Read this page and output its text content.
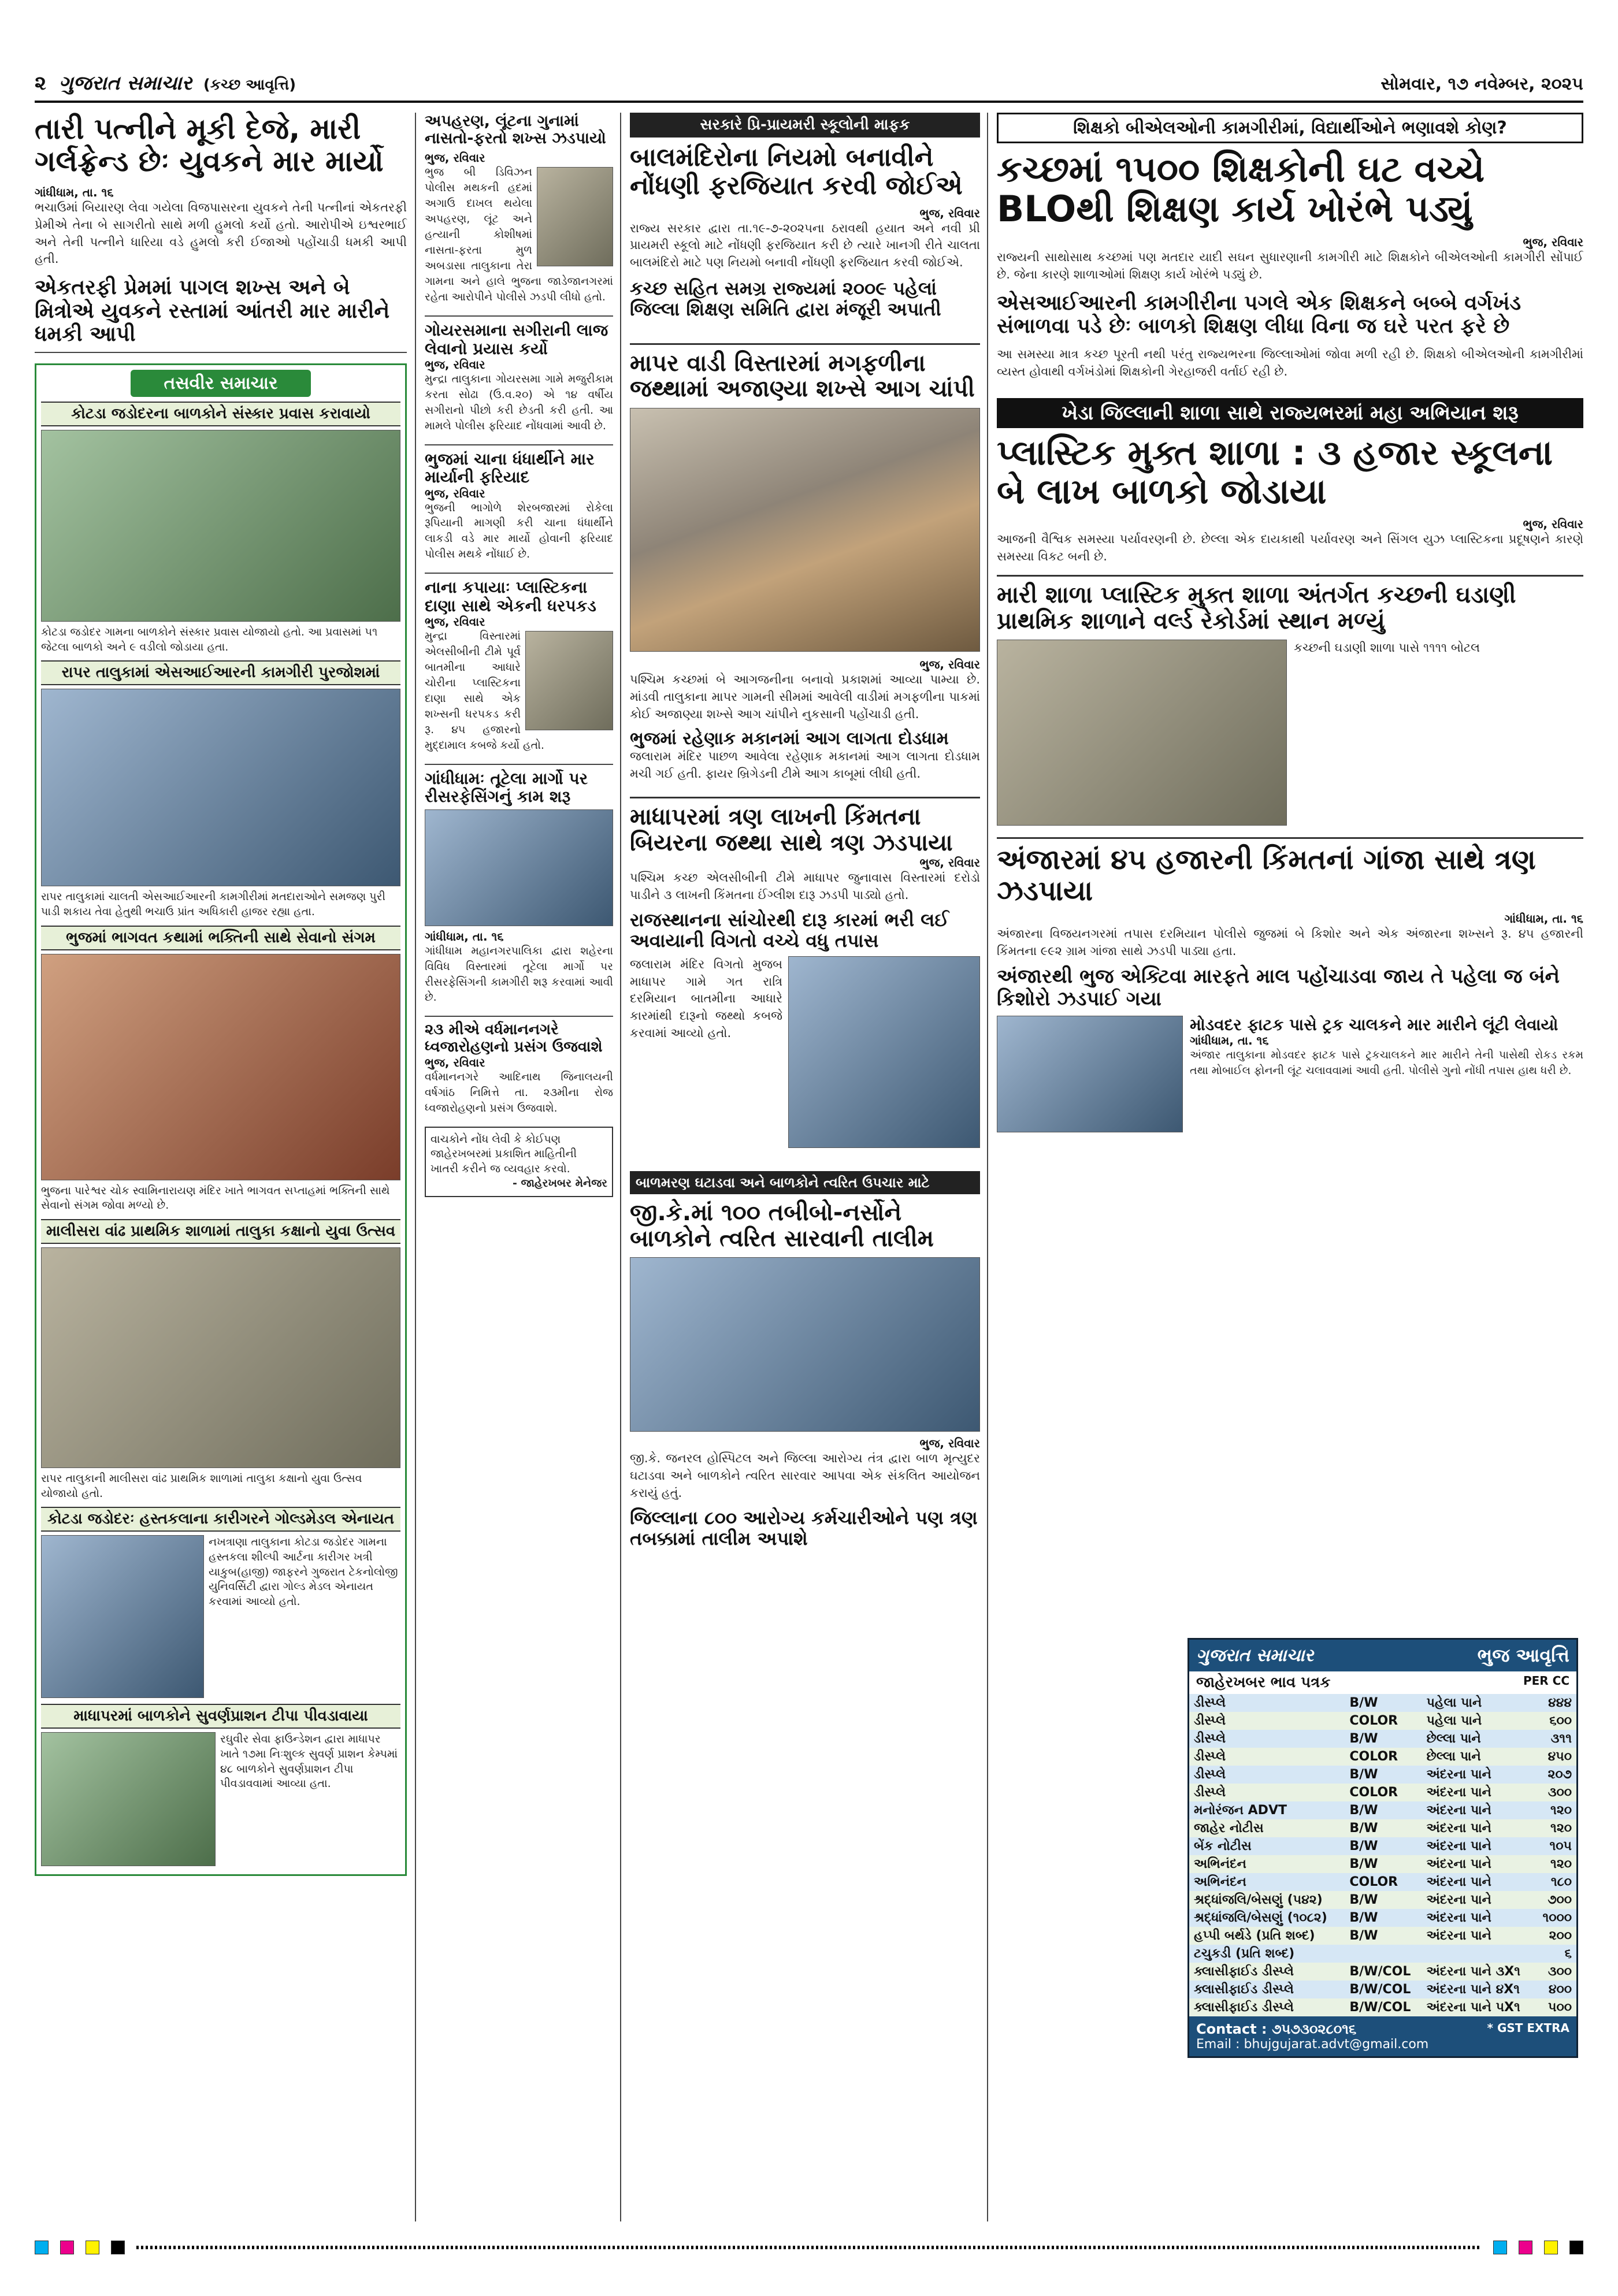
૨ ગુજરાત સમાચાર (કચ્છ આવૃત્તિ)	સોમવાર, ૧૭ નવેમ્બર, ૨૦૨૫
તારી પત્નીને મૂકી દેજે, મારી ગર્લફ્રેન્ડ છેઃ યુવકને માર માર્યો
ગાંધીધામ, તા. ૧૬
ભચાઉમાં બિયારણ લેવા ગયેલા વિજપાસરના યુવકને તેની પત્નીનાં એકતરફી પ્રેમીએ તેના બે સાગરીતો સાથે મળી હુમલો કર્યો હતો. આરોપીએ ઇશ્વરભાઈ અને તેની પત્નીને ધારિયા વડે હુમલો કરી ઈજાઓ પહોંચાડી ધમકી આપી હતી.
એકતરફી પ્રેમમાં પાગલ શખ્સ અને બે મિત્રોએ યુવકને રસ્તામાં આંતરી માર મારીને ધમકી આપી
તસવીર સમાચાર
કોટડા જડોદરના બાળકોને સંસ્કાર પ્રવાસ કરાવાયો
કોટડા જડોદર ગામના બાળકોને સંસ્કાર પ્રવાસ યોજાયો હતો. આ પ્રવાસમાં ૫૧ જેટલા બાળકો અને ૯ વડીલો જોડાયા હતા.
રાપર તાલુકામાં એસઆઈઆરની કામગીરી પુરજોશમાં
રાપર તાલુકામાં ચાલતી એસઆઈઆરની કામગીરીમાં મતદારાઓને સમજણ પુરી પાડી શકાય તેવા હેતુથી ભચાઉ પ્રાંત અધિકારી હાજર રહ્યા હતા.
ભુજમાં ભાગવત કથામાં ભક્તિની સાથે સેવાનો સંગમ
ભુજના પારેશ્વર ચોક સ્વામિનારાયણ મંદિર ખાતે ભાગવત સપ્તાહમાં ભક્તિની સાથે સેવાનો સંગમ જોવા મળ્યો છે.
માલીસરા વાંઢ પ્રાથમિક શાળામાં તાલુકા કક્ષાનો યુવા ઉત્સવ
રાપર તાલુકાની માલીસરા વાંઢ પ્રાથમિક શાળામાં તાલુકા કક્ષાનો યુવા ઉત્સવ યોજાયો હતો.
કોટડા જડોદરઃ હસ્તકલાના કારીગરને ગોલ્ડમેડલ એનાયત
નખત્રાણા તાલુકાના કોટડા જડોદર ગામના હસ્તકલા શીલ્પી આર્ટના કારીગર ખત્રી યાકુબ(હાજી) જાફરને ગુજરાત ટેકનોલોજી યુનિવર્સિટી દ્વારા ગોલ્ડ મેડલ એનાયત કરવામાં આવ્યો હતો.
માધાપરમાં બાળકોને સુવર્ણપ્રાશન ટીપા પીવડાવાયા
રઘુવીર સેવા ફાઉન્ડેશન દ્વારા માધાપર ખાતે ૧૭મા નિઃશુલ્ક સુવર્ણ પ્રાશન કેમ્પમાં ૪૮ બાળકોને સુવર્ણપ્રાશન ટીપા પીવડાવવામાં આવ્યા હતા.
અપહરણ, લૂંટના ગુનામાં નાસતો-ફરતો શખ્સ ઝડપાયો
ભુજ, રવિવાર
ભુજ બી ડિવિઝન પોલીસ મથકની હદમાં અગાઉ દાખલ થયેલા અપહરણ, લૂંટ અને હત્યાની કોશીષમાં નાસતા-ફરતા મુળ અબડાસા તાલુકાના તેરા ગામના અને હાલે ભુજના જાડેજાનગરમાં રહેતા આરોપીને પોલીસે ઝડપી લીધો હતો.
ગોયરસમાના સગીરાની લાજ લેવાનો પ્રયાસ કર્યો
ભુજ, રવિવાર
મુન્દ્રા તાલુકાના ગોયરસમા ગામે મજુરીકામ કરતા સોઢા (ઉ.વ.૨૦) એ ૧૪ વર્ષીય સગીરાનો પીછો કરી છેડતી કરી હતી. આ મામલે પોલીસ ફરિયાદ નોંધવામાં આવી છે.
ભુજમાં ચાના ધંધાર્થીને માર માર્યાની ફરિયાદ
ભુજ, રવિવાર
ભુજની ભાગોળે શેરબજારમાં રોકેલા રૂપિયાની માગણી કરી ચાના ધંધાર્થીને લાકડી વડે માર માર્યો હોવાની ફરિયાદ પોલીસ મથકે નોંધાઈ છે.
નાના કપાયાઃ પ્લાસ્ટિકના દાણા સાથે એકની ધરપકડ
ભુજ, રવિવાર
મુન્દ્રા વિસ્તારમાં એલસીબીની ટીમે પૂર્વ બાતમીના આધારે ચોરીના પ્લાસ્ટિકના દાણા સાથે એક શખ્સની ધરપકડ કરી રૂ. ૪૫ હજારનો મુદ્દામાલ કબજે કર્યો હતો.
ગાંધીધામઃ તૂટેલા માર્ગો પર રીસરફેસિંગનું કામ શરૂ
ગાંધીધામ, તા. ૧૬
ગાંધીધામ મહાનગરપાલિકા દ્વારા શહેરના વિવિધ વિસ્તારમાં તૂટેલા માર્ગો પર રીસરફેસિંગની કામગીરી શરૂ કરવામાં આવી છે.
૨૩ મીએ વર્ધમાનનગરે ધ્વજારોહણનો પ્રસંગ ઉજવાશે
ભુજ, રવિવાર
વર્ધમાનનગરે આદિનાથ જિનાલયની વર્ષગાંઠ નિમિત્તે તા. ૨૩મીના રોજ ધ્વજારોહણનો પ્રસંગ ઉજવાશે.
વાચકોને નોંધ લેવી કે કોઈપણ જાહેરખબરમાં પ્રકાશિત માહિતીની ખાતરી કરીને જ વ્યવહાર કરવો.
- જાહેરખબર મેનેજર
સરકારે પ્રિ-પ્રાયમરી સ્કૂલોની માફક
બાલમંદિરોના નિયમો બનાવીને નોંધણી ફરજિયાત કરવી જોઈએ
ભુજ, રવિવાર
રાજ્ય સરકાર દ્વારા તા.૧૯-૭-૨૦૨૫ના ઠરાવથી હયાત અને નવી પ્રી પ્રાયમરી સ્કૂલો માટે નોંધણી ફરજિયાત કરી છે ત્યારે ખાનગી રીતે ચાલતા બાલમંદિરો માટે પણ નિયમો બનાવી નોંધણી ફરજિયાત કરવી જોઈએ.
કચ્છ સહિત સમગ્ર રાજ્યમાં ૨૦૦૯ પહેલાં જિલ્લા શિક્ષણ સમિતિ દ્વારા મંજૂરી અપાતી
માપર વાડી વિસ્તારમાં મગફળીના જથ્થામાં અજાણ્યા શખ્સે આગ ચાંપી
ભુજ, રવિવાર
પશ્ચિમ કચ્છમાં બે આગજનીના બનાવો પ્રકાશમાં આવ્યા પામ્યા છે. માંડવી તાલુકાના માપર ગામની સીમમાં આવેલી વાડીમાં મગફળીના પાકમાં કોઈ અજાણ્યા શખ્સે આગ ચાંપીને નુકસાની પહોંચાડી હતી.
ભુજમાં રહેણાક મકાનમાં આગ લાગતા દોડધામ
જલારામ મંદિર પાછળ આવેલા રહેણાક મકાનમાં આગ લાગતા દોડધામ મચી ગઈ હતી. ફાયર બ્રિગેડની ટીમે આગ કાબૂમાં લીધી હતી.
માધાપરમાં ત્રણ લાખની કિંમતના બિયરના જથ્થા સાથે ત્રણ ઝડપાયા
ભુજ, રવિવાર
પશ્ચિમ કચ્છ એલસીબીની ટીમે માધાપર જુનાવાસ વિસ્તારમાં દરોડો પાડીને ૩ લાખની કિંમતના ઈંગ્લીશ દારૂ ઝડપી પાડ્યો હતો.
રાજસ્થાનના સાંચોરથી દારૂ કારમાં ભરી લઈ અવાયાની વિગતો વચ્ચે વધુ તપાસ
જલારામ મંદિર વિગતો મુજબ માધાપર ગામે ગત રાત્રિ દરમિયાન બાતમીના આધારે કારમાંથી દારૂનો જથ્થો કબજે કરવામાં આવ્યો હતો.
બાળમરણ ઘટાડવા અને બાળકોને ત્વરિત ઉપચાર માટે
જી.કે.માં ૧૦૦ તબીબો-નર્સોને બાળકોને ત્વરિત સારવાની તાલીમ
ભુજ, રવિવાર
જી.કે. જનરલ હોસ્પિટલ અને જિલ્લા આરોગ્ય તંત્ર દ્વારા બાળ મૃત્યુદર ઘટાડવા અને બાળકોને ત્વરિત સારવાર આપવા એક સંકલિત આયોજન કરાયું હતું.
જિલ્લાના ૮૦૦ આરોગ્ય કર્મચારીઓને પણ ત્રણ તબક્કામાં તાલીમ અપાશે
શિક્ષકો બીએલઓની કામગીરીમાં, વિદ્યાર્થીઓને ભણાવશે કોણ?
કચ્છમાં ૧૫૦૦ શિક્ષકોની ઘટ વચ્ચે BLOથી શિક્ષણ કાર્ય ખોરંભે પડ્યું
ભુજ, રવિવાર
રાજ્યની સાથોસાથ કચ્છમાં પણ મતદાર યાદી સઘન સુધારણાની કામગીરી માટે શિક્ષકોને બીએલઓની કામગીરી સોંપાઈ છે. જેના કારણે શાળાઓમાં શિક્ષણ કાર્ય ખોરંભે પડ્યું છે.
એસઆઈઆરની કામગીરીના પગલે એક શિક્ષકને બબ્બે વર્ગખંડ સંભાળવા પડે છેઃ બાળકો શિક્ષણ લીધા વિના જ ઘરે પરત ફરે છે
આ સમસ્યા માત્ર કચ્છ પૂરતી નથી પરંતુ રાજ્યભરના જિલ્લાઓમાં જોવા મળી રહી છે. શિક્ષકો બીએલઓની કામગીરીમાં વ્યસ્ત હોવાથી વર્ગખંડોમાં શિક્ષકોની ગેરહાજરી વર્તાઈ રહી છે.
ખેડા જિલ્લાની શાળા સાથે રાજ્યભરમાં મહા અભિયાન શરૂ
પ્લાસ્ટિક મુક્ત શાળા : ૩ હજાર સ્કૂલના બે લાખ બાળકો જોડાયા
ભુજ, રવિવાર
આજની વૈશ્વિક સમસ્યા પર્યાવરણની છે. છેલ્લા એક દાયકાથી પર્યાવરણ અને સિંગલ યુઝ પ્લાસ્ટિકના પ્રદૂષણને કારણે સમસ્યા વિકટ બની છે.
મારી શાળા પ્લાસ્ટિક મુક્ત શાળા અંતર્ગત કચ્છની ઘડાણી પ્રાથમિક શાળાને વર્લ્ડ રેકોર્ડમાં સ્થાન મળ્યું
કચ્છની ઘડાણી શાળા પાસે ૧૧૧૧ બોટલ
અંજારમાં ૪૫ હજારની કિંમતનાં ગાંજા સાથે ત્રણ ઝડપાયા
ગાંધીધામ, તા. ૧૬
અંજારના વિજયનગરમાં તપાસ દરમિયાન પોલીસે જુજમાં બે કિશોર અને એક અંજારના શખ્સને રૂ. ૪૫ હજારની કિંમતના ૯૯૨ ગ્રામ ગાંજા સાથે ઝડપી પાડ્યા હતા.
અંજારથી ભુજ એક્ટિવા મારફતે માલ પહોંચાડવા જાય તે પહેલા જ બંને કિશોરો ઝડપાઈ ગયા
મોડવદર ફાટક પાસે ટ્રક ચાલકને માર મારીને લૂંટી લેવાયો
ગાંધીધામ, તા. ૧૬
અંજાર તાલુકાના મોડવદર ફાટક પાસે ટ્રકચાલકને માર મારીને તેની પાસેથી રોકડ રકમ તથા મોબાઈલ ફોનની લૂંટ ચલાવવામાં આવી હતી. પોલીસે ગુનો નોંધી તપાસ હાથ ધરી છે.
ગુજરાત સમાચાર	ભુજ આવૃત્તિ
જાહેરખબર ભાવ પત્રક	PER CC
ડીસ્પ્લે	B/W	પહેલા પાને	૪૪૪
ડીસ્પ્લે	COLOR	પહેલા પાને	૬૦૦
ડીસ્પ્લે	B/W	છેલ્લા પાને	૩૧૧
ડીસ્પ્લે	COLOR	છેલ્લા પાને	૪૫૦
ડીસ્પ્લે	B/W	અંદરના પાને	૨૦૭
ડીસ્પ્લે	COLOR	અંદરના પાને	૩૦૦
મનોરંજન ADVT	B/W	અંદરના પાને	૧૨૦
જાહેર નોટીસ	B/W	અંદરના પાને	૧૨૦
બેંક નોટીસ	B/W	અંદરના પાને	૧૦૫
અભિનંદન	B/W	અંદરના પાને	૧૨૦
અભિનંદન	COLOR	અંદરના પાને	૧૮૦
શ્રદ્ધાંજલિ/બેસણું (૫૪૨)	B/W	અંદરના પાને	૭૦૦
શ્રદ્ધાંજલિ/બેસણું (૧૦૮૨)	B/W	અંદરના પાને	૧૦૦૦
હપ્પી બર્થડે (પ્રતિ શબ્દ)	B/W	અંદરના પાને	૨૦૦
ટચુકડી (પ્રતિ શબ્દ)			૬
ક્લાસીફાઈડ ડીસ્પ્લે	B/W/COL	અંદરના પાને ૩X૧	૩૦૦
ક્લાસીફાઈડ ડીસ્પ્લે	B/W/COL	અંદરના પાને ૪X૧	૪૦૦
ક્લાસીફાઈડ ડીસ્પ્લે	B/W/COL	અંદરના પાને ૫X૧	૫૦૦
Contact : ૭૫૭૩૦૨૮૦૧૬	* GST EXTRA
Email : bhujgujarat.advt@gmail.com
